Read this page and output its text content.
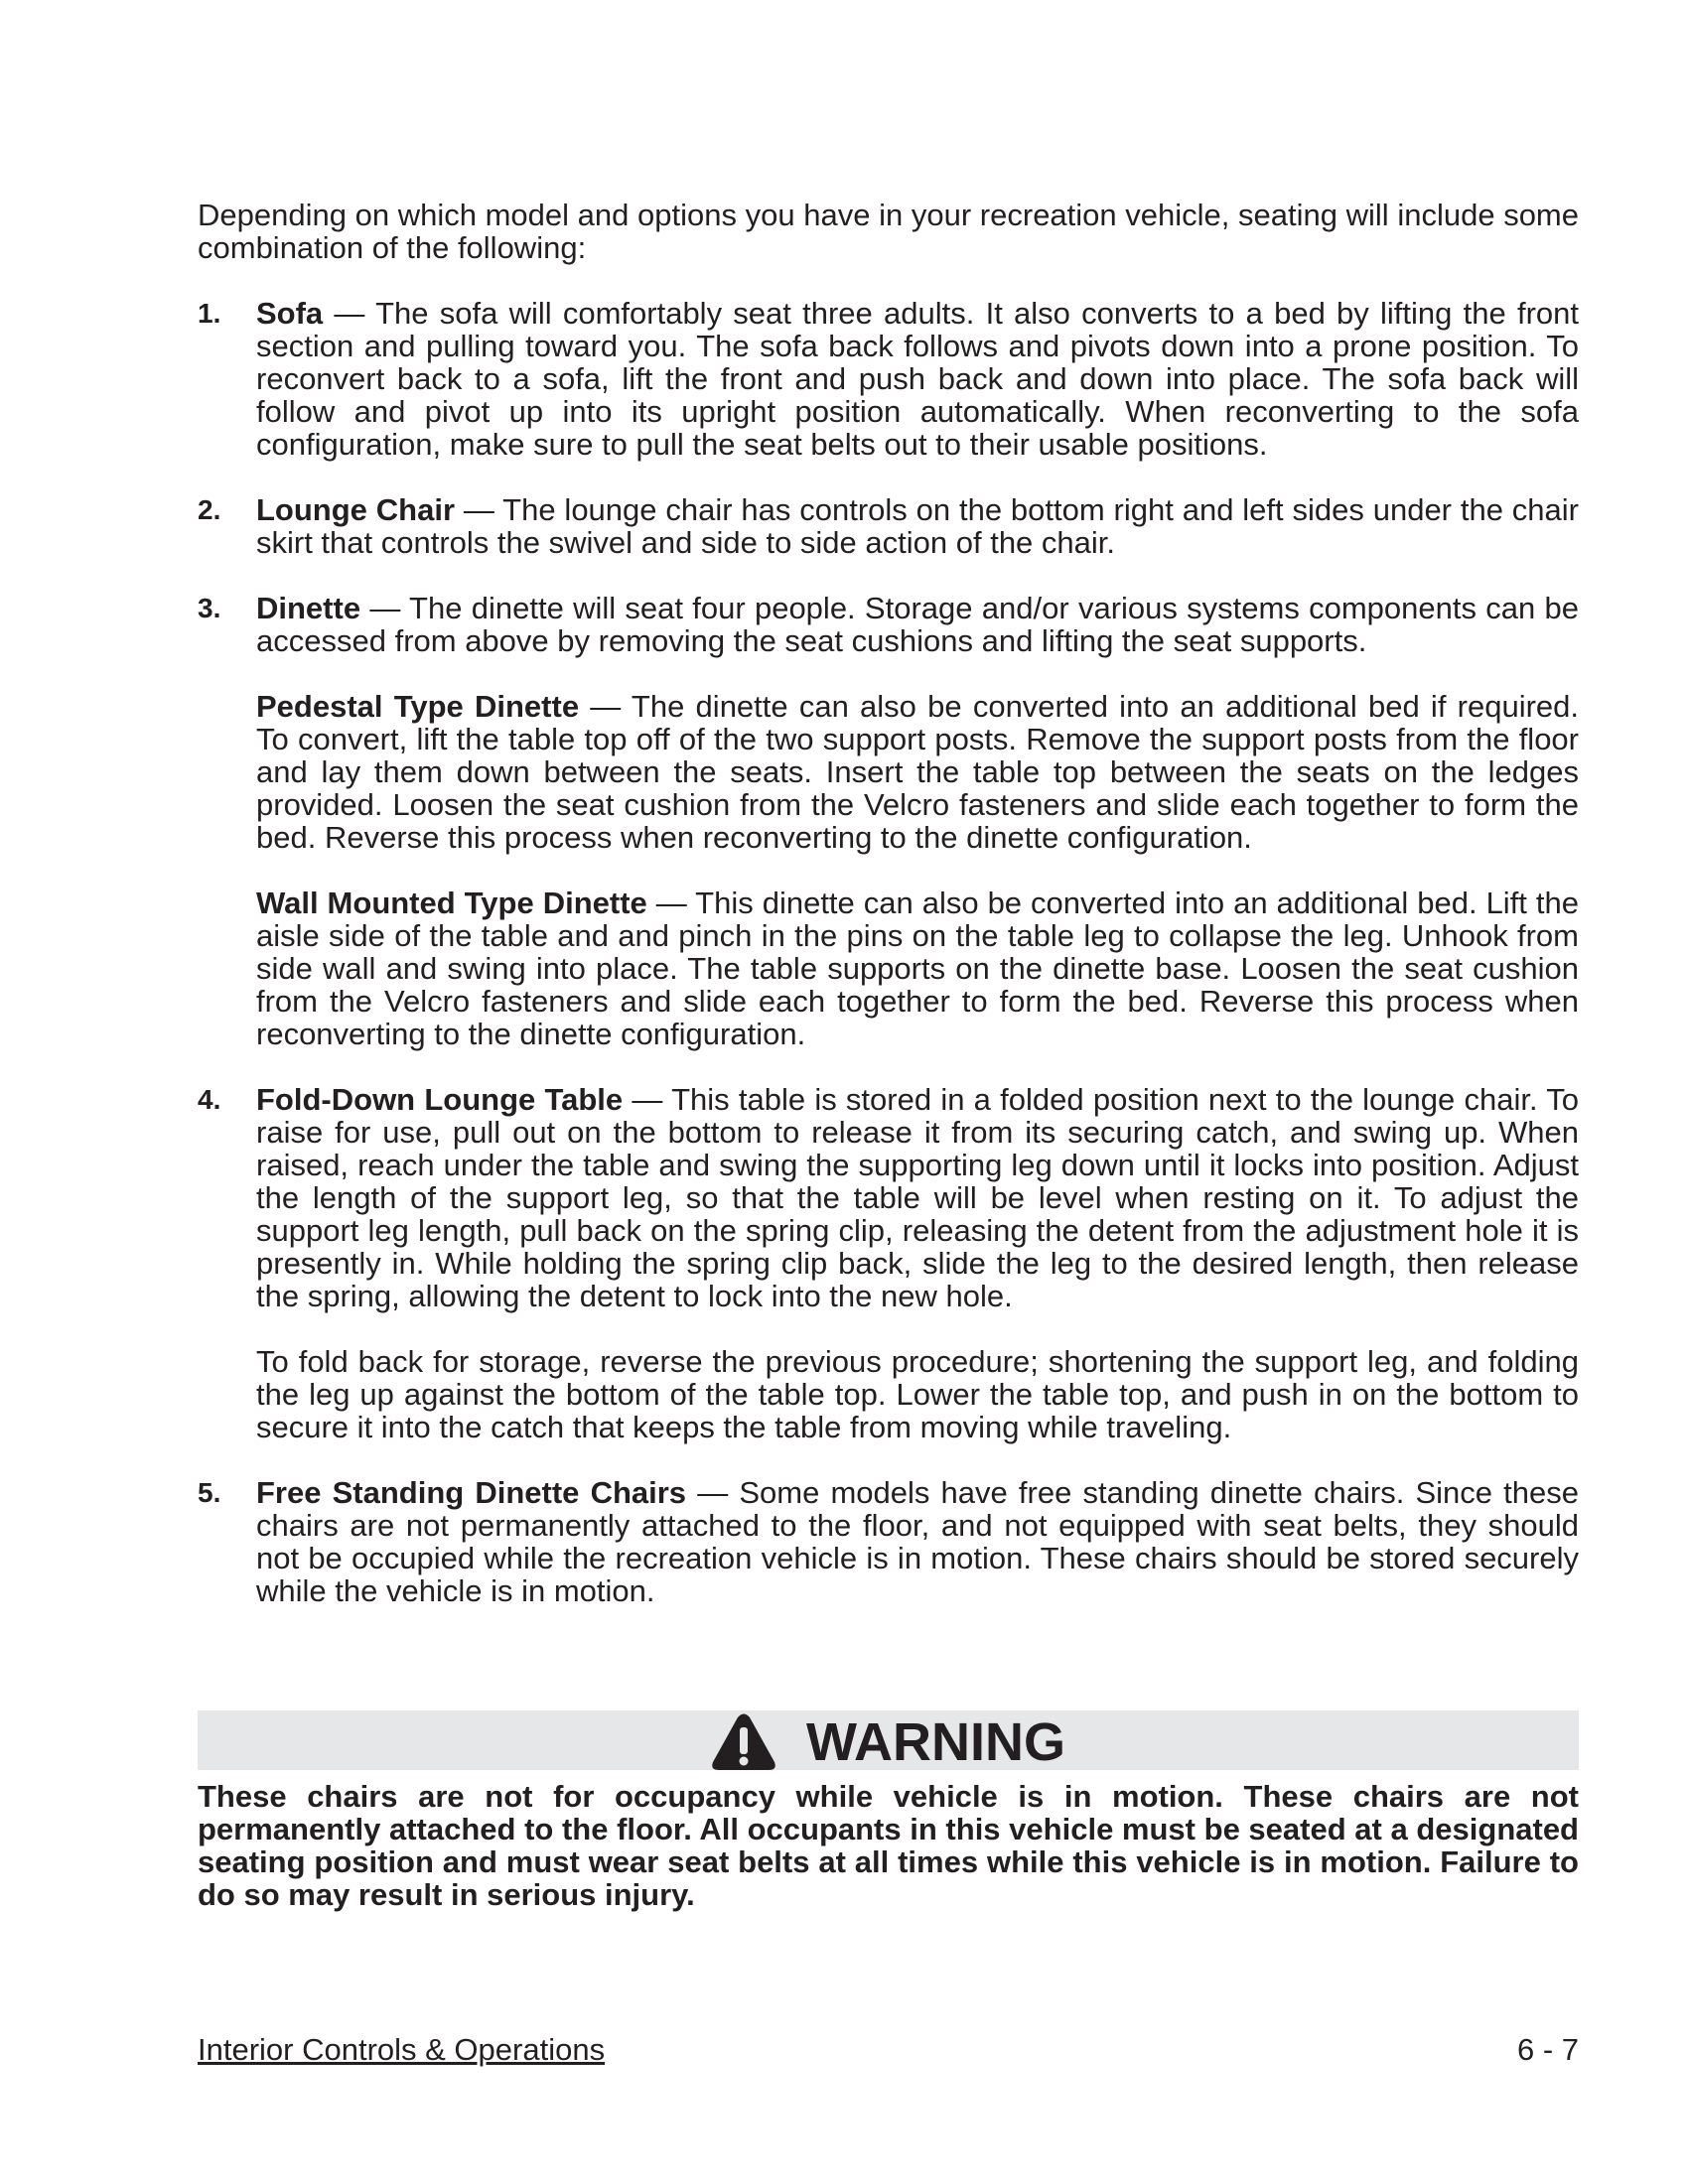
Depending on which model and options you have in your recreation vehicle, seating will include some combination of the following:

1.	Sofa — The sofa will comfortably seat three adults. It also converts to a bed by lifting the front section and pulling toward you. The sofa back follows and pivots down into a prone position. To reconvert back to a sofa, lift the front and push back and down into place. The sofa back will follow and pivot up into its upright position automatically. When reconverting to the sofa configuration, make sure to pull the seat belts out to their usable positions.

2.	Lounge Chair — The lounge chair has controls on the bottom right and left sides under the chair skirt that controls the swivel and side to side action of the chair.

3.	Dinette — The dinette will seat four people. Storage and/or various systems components can be accessed from above by removing the seat cushions and lifting the seat supports.

Pedestal Type Dinette — The dinette can also be converted into an additional bed if required. To convert, lift the table top off of the two support posts. Remove the support posts from the floor and lay them down between the seats. Insert the table top between the seats on the ledges provided. Loosen the seat cushion from the Velcro fasteners and slide each together to form the bed. Reverse this process when reconverting to the dinette configuration.

Wall Mounted Type Dinette — This dinette can also be converted into an additional bed. Lift the aisle side of the table and and pinch in the pins on the table leg to collapse the leg. Unhook from side wall and swing into place. The table supports on the dinette base. Loosen the seat cushion from the Velcro fasteners and slide each together to form the bed. Reverse this process when reconverting to the dinette configuration.

4.	Fold-Down Lounge Table — This table is stored in a folded position next to the lounge chair. To raise for use, pull out on the bottom to release it from its securing catch, and swing up. When raised, reach under the table and swing the supporting leg down until it locks into position. Adjust the length of the support leg, so that the table will be level when resting on it. To adjust the support leg length, pull back on the spring clip, releasing the detent from the adjustment hole it is presently in. While holding the spring clip back, slide the leg to the desired length, then release the spring, allowing the detent to lock into the new hole.

To fold back for storage, reverse the previous procedure; shortening the support leg, and folding the leg up against the bottom of the table top. Lower the table top, and push in on the bottom to secure it into the catch that keeps the table from moving while traveling.

5.	Free Standing Dinette Chairs — Some models have free standing dinette chairs. Since these chairs are not permanently attached to the floor, and not equipped with seat belts, they should not be occupied while the recreation vehicle is in motion. These chairs should be stored securely while the vehicle is in motion.

WARNING

These chairs are not for occupancy while vehicle is in motion. These chairs are not permanently attached to the floor. All occupants in this vehicle must be seated at a designated seating position and must wear seat belts at all times while this vehicle is in motion. Failure to do so may result in serious injury.

Interior Controls & Operations	6 - 7
